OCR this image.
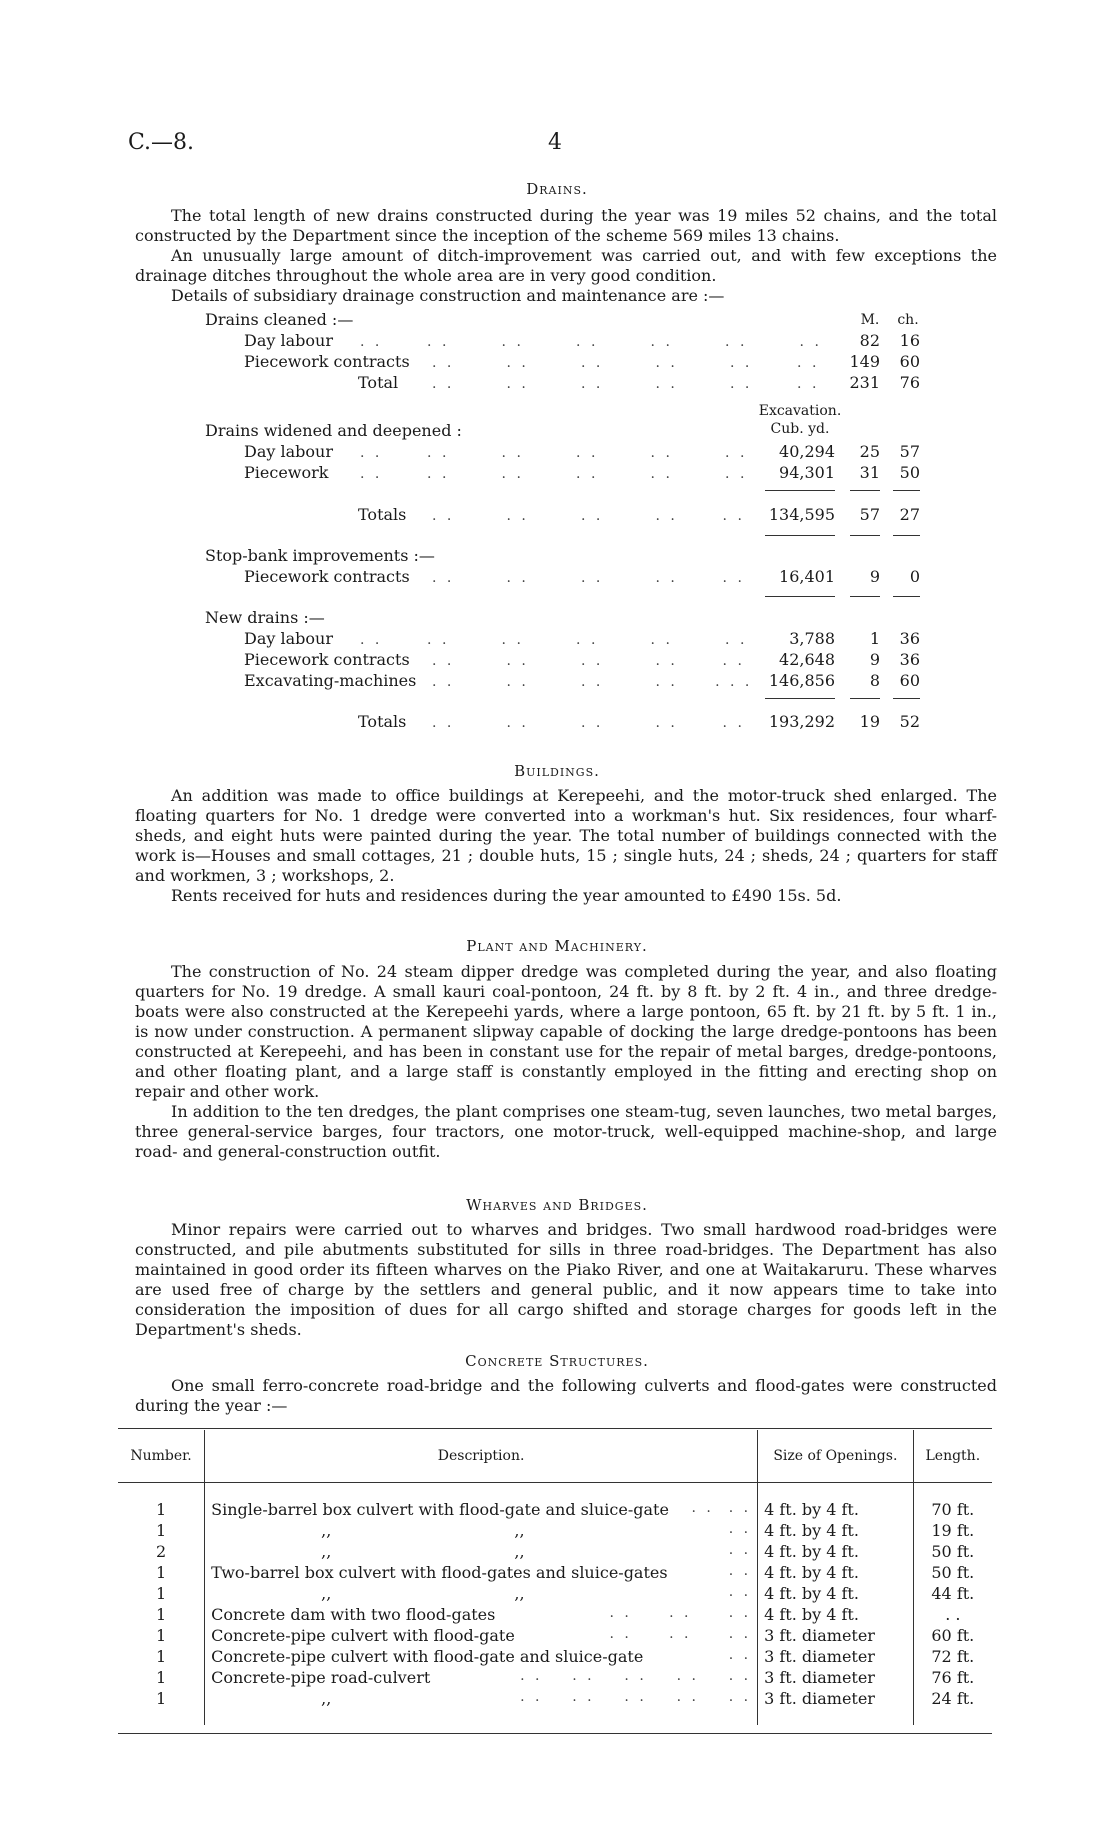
C.—8.	4
Drains.

The total length of new drains constructed during the year was 19 miles 52 chains, and the total constructed by the Department since the inception of the scheme 569 miles 13 chains.

An unusually large amount of ditch-improvement was carried out, and with few exceptions the drainage ditches throughout the whole area are in very good condition.

Details of subsidiary drainage construction and maintenance are :—

M.	ch.
Drains cleaned :—
Day labour . .      . .       . .       . .       . .       . .       . .	82	16
Piecework contracts . .       . .       . .       . .       . .      . .	149	60
Total . .       . .       . .       . .       . .      . .	231	76
Excavation.
Cub. yd.
Drains widened and deepened :
Day labour . .      . .       . .       . .       . .       . .	40,294	25	57
Piecework . .      . .       . .       . .       . .       . .	94,301	31	50
Totals . .       . .       . .       . .      . .	134,595	57	27
Stop-bank improvements :—
Piecework contracts . .       . .       . .       . .      . .	16,401	9	0
New drains :—
Day labour . .      . .       . .       . .       . .       . .	3,788	1	36
Piecework contracts . .       . .       . .       . .      . .	42,648	9	36
Excavating-machines . .       . .       . .       . .     . . .	146,856	8	60
Totals . .       . .       . .       . .      . .	193,292	19	52
Buildings.

An addition was made to office buildings at Kerepeehi, and the motor-truck shed enlarged. The floating quarters for No. 1 dredge were converted into a workman's hut. Six residences, four wharf-sheds, and eight huts were painted during the year. The total number of buildings connected with the work is—Houses and small cottages, 21 ; double huts, 15 ; single huts, 24 ; sheds, 24 ; quarters for staff and workmen, 3 ; workshops, 2.

Rents received for huts and residences during the year amounted to £490 15s. 5d.

Plant and Machinery.

The construction of No. 24 steam dipper dredge was completed during the year, and also floating quarters for No. 19 dredge. A small kauri coal-pontoon, 24 ft. by 8 ft. by 2 ft. 4 in., and three dredge-boats were also constructed at the Kerepeehi yards, where a large pontoon, 65 ft. by 21 ft. by 5 ft. 1 in., is now under construction. A permanent slipway capable of docking the large dredge-pontoons has been constructed at Kerepeehi, and has been in constant use for the repair of metal barges, dredge-pontoons, and other floating plant, and a large staff is constantly employed in the fitting and erecting shop on repair and other work.

In addition to the ten dredges, the plant comprises one steam-tug, seven launches, two metal barges, three general-service barges, four tractors, one motor-truck, well-equipped machine-shop, and large road- and general-construction outfit.

Wharves and Bridges.

Minor repairs were carried out to wharves and bridges. Two small hardwood road-bridges were constructed, and pile abutments substituted for sills in three road-bridges. The Department has also maintained in good order its fifteen wharves on the Piako River, and one at Waitakaruru. These wharves are used free of charge by the settlers and general public, and it now appears time to take into consideration the imposition of dues for all cargo shifted and storage charges for goods left in the Department's sheds.

Concrete Structures.

One small ferro-concrete road-bridge and the following culverts and flood-gates were constructed during the year :—

Number.	Description.	Size of Openings.	Length.

1	Single-barrel box culvert with flood-gate and sluice-gate . .  . .	4 ft. by 4 ft.	70 ft.
1	,,                                    ,, . .	4 ft. by 4 ft.	19 ft.
2	,,                                    ,, . .	4 ft. by 4 ft.	50 ft.
1	Two-barrel box culvert with flood-gates and sluice-gates . .	4 ft. by 4 ft.	50 ft.
1	,,                                    ,, . .	4 ft. by 4 ft.	44 ft.
1	Concrete dam with two flood-gates . .     . .     . .	4 ft. by 4 ft.	. .
1	Concrete-pipe culvert with flood-gate . .     . .     . .	3 ft. diameter	60 ft.
1	Concrete-pipe culvert with flood-gate and sluice-gate . .	3 ft. diameter	72 ft.
1	Concrete-pipe road-culvert . .    . .    . .    . .    . .	3 ft. diameter	76 ft.
1	,, . .    . .    . .    . .    . .	3 ft. diameter	24 ft.
